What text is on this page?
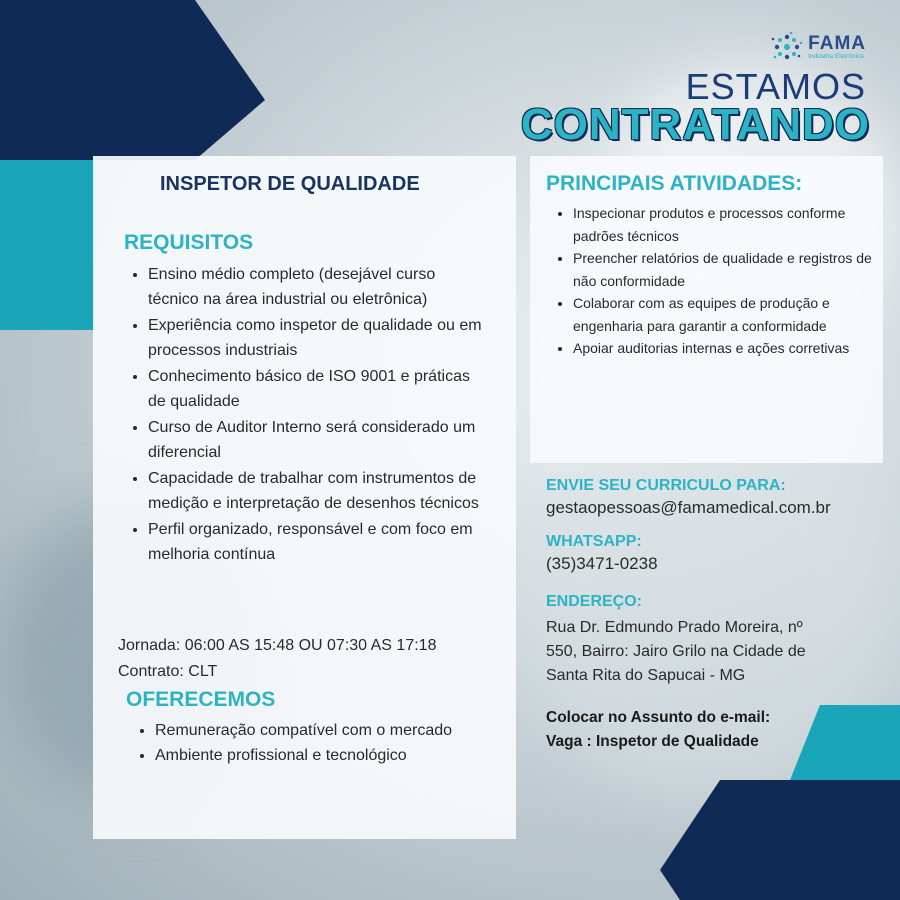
FAMA
Indústria Eletrônica
ESTAMOS
CONTRATANDO
INSPETOR DE QUALIDADE
REQUISITOS
• Ensino médio completo (desejável curso técnico na área industrial ou eletrônica)
• Experiência como inspetor de qualidade ou em processos industriais
• Conhecimento básico de ISO 9001 e práticas de qualidade
• Curso de Auditor Interno será considerado um diferencial
• Capacidade de trabalhar com instrumentos de medição e interpretação de desenhos técnicos
• Perfil organizado, responsável e com foco em melhoria contínua
Jornada: 06:00 AS 15:48 OU 07:30 AS 17:18
Contrato: CLT
OFERECEMOS
• Remuneração compatível com o mercado
• Ambiente profissional e tecnológico
PRINCIPAIS ATIVIDADES:
• Inspecionar produtos e processos conforme padrões técnicos
• Preencher relatórios de qualidade e registros de não conformidade
• Colaborar com as equipes de produção e engenharia para garantir a conformidade
• Apoiar auditorias internas e ações corretivas
ENVIE SEU CURRICULO PARA:
gestaopessoas@famamedical.com.br
WHATSAPP:
(35)3471-0238
ENDEREÇO:
Rua Dr. Edmundo Prado Moreira, nº
550, Bairro: Jairo Grilo na Cidade de
Santa Rita do Sapucai - MG
Colocar no Assunto do e-mail:
Vaga : Inspetor de Qualidade
